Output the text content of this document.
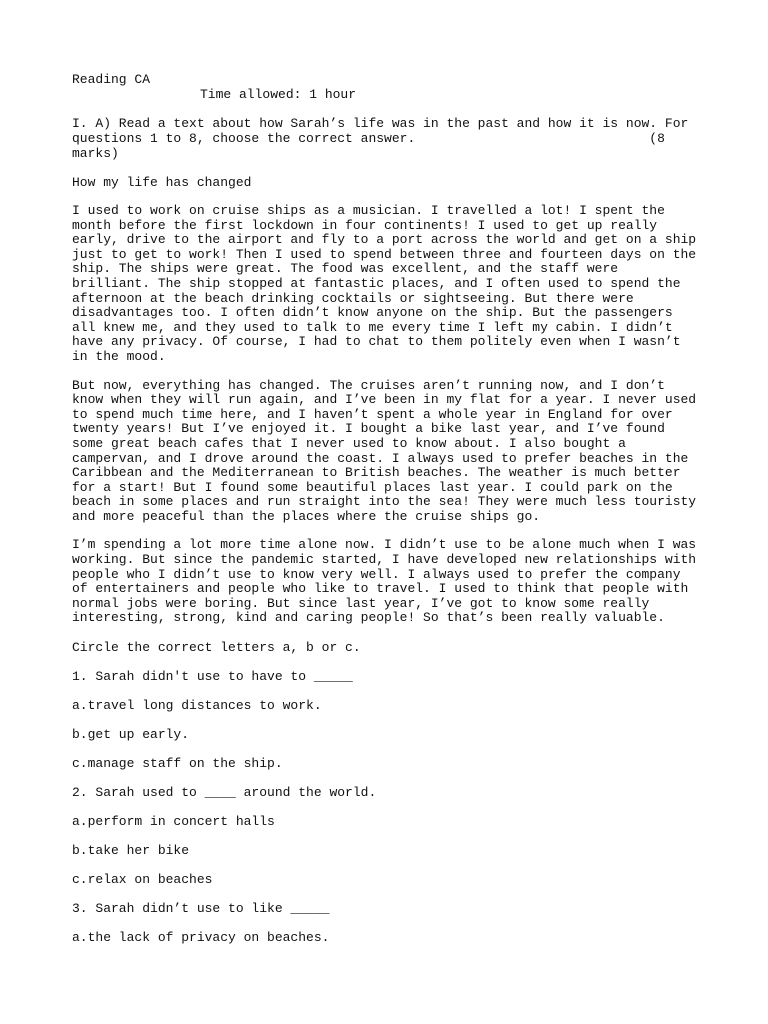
Reading CA
Time allowed: 1 hour
I. A) Read a text about how Sarah’s life was in the past and how it is now. For
questions 1 to 8, choose the correct answer.                              (8
marks)
How my life has changed
I used to work on cruise ships as a musician. I travelled a lot! I spent the month before the first lockdown in four continents! I used to get up really early, drive to the airport and fly to a port across the world and get on a ship just to get to work! Then I used to spend between three and fourteen days on the ship. The ships were great. The food was excellent, and the staff were brilliant. The ship stopped at fantastic places, and I often used to spend the afternoon at the beach drinking cocktails or sightseeing. But there were disadvantages too. I often didn’t know anyone on the ship. But the passengers all knew me, and they used to talk to me every time I left my cabin. I didn’t have any privacy. Of course, I had to chat to them politely even when I wasn’t in the mood.
But now, everything has changed. The cruises aren’t running now, and I don’t know when they will run again, and I’ve been in my flat for a year. I never used to spend much time here, and I haven’t spent a whole year in England for over twenty years! But I’ve enjoyed it. I bought a bike last year, and I’ve found some great beach cafes that I never used to know about. I also bought a campervan, and I drove around the coast. I always used to prefer beaches in the Caribbean and the Mediterranean to British beaches. The weather is much better for a start! But I found some beautiful places last year. I could park on the beach in some places and run straight into the sea! They were much less touristy and more peaceful than the places where the cruise ships go.
I’m spending a lot more time alone now. I didn’t use to be alone much when I was working. But since the pandemic started, I have developed new relationships with people who I didn’t use to know very well. I always used to prefer the company of entertainers and people who like to travel. I used to think that people with normal jobs were boring. But since last year, I’ve got to know some really interesting, strong, kind and caring people! So that’s been really valuable.
Circle the correct letters a, b or c.
1. Sarah didn't use to have to _____
a.travel long distances to work.
b.get up early.
c.manage staff on the ship.
2. Sarah used to ____ around the world.
a.perform in concert halls
b.take her bike
c.relax on beaches
3. Sarah didn’t use to like _____
a.the lack of privacy on beaches.
